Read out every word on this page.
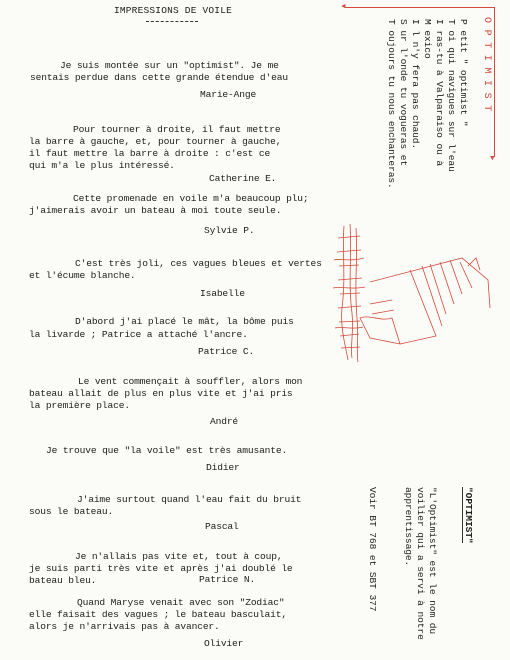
IMPRESSIONS DE VOILE
Je suis montée sur un "optimist". Je me
sentais perdue dans cette grande étendue d'eau
Marie-Ange
Pour tourner à droite, il faut mettre
la barre à gauche, et, pour tourner à gauche,
il faut mettre la barre à droite : c'est ce
qui m'a le plus intéressé.
Catherine E.
Cette promenade en voile m'a beaucoup plu;
j'aimerais avoir un bateau à moi toute seule.
Sylvie P.
C'est très joli, ces vagues bleues et vertes
et l'écume blanche.
Isabelle
D'abord j'ai placé le mât, la bôme puis
la livarde ; Patrice a attaché l'ancre.
Patrice C.
Le vent commençait à souffler, alors mon
bateau allait de plus en plus vite et j'ai pris
la première place.
André
Je trouve que "la voile" est très amusante.
Didier
J'aime surtout quand l'eau fait du bruit
sous le bateau.
Pascal
Je n'allais pas vite et, tout à coup,
je suis parti très vite et après j'ai doublé le
bateau bleu.	Patrice N.
Quand Maryse venait avec son "Zodiac"
elle faisait des vagues ; le bateau basculait,
alors je n'arrivais pas à avancer.
Olivier
◂
▾
O P T I M I S T
P etit " optimist "
T oi qui navigues sur l'eau
I ras-tu à Valparaiso ou à
M exico
I l n'y fera pas chaud.
S ur l'onde tu vogueras et
T oujours tu nous enchanteras.
"OPTIMIST"
"L'Optimist" est le nom du
voilier qui a servi à notre
apprentissage.
Voir BT 768 et SBT 377
